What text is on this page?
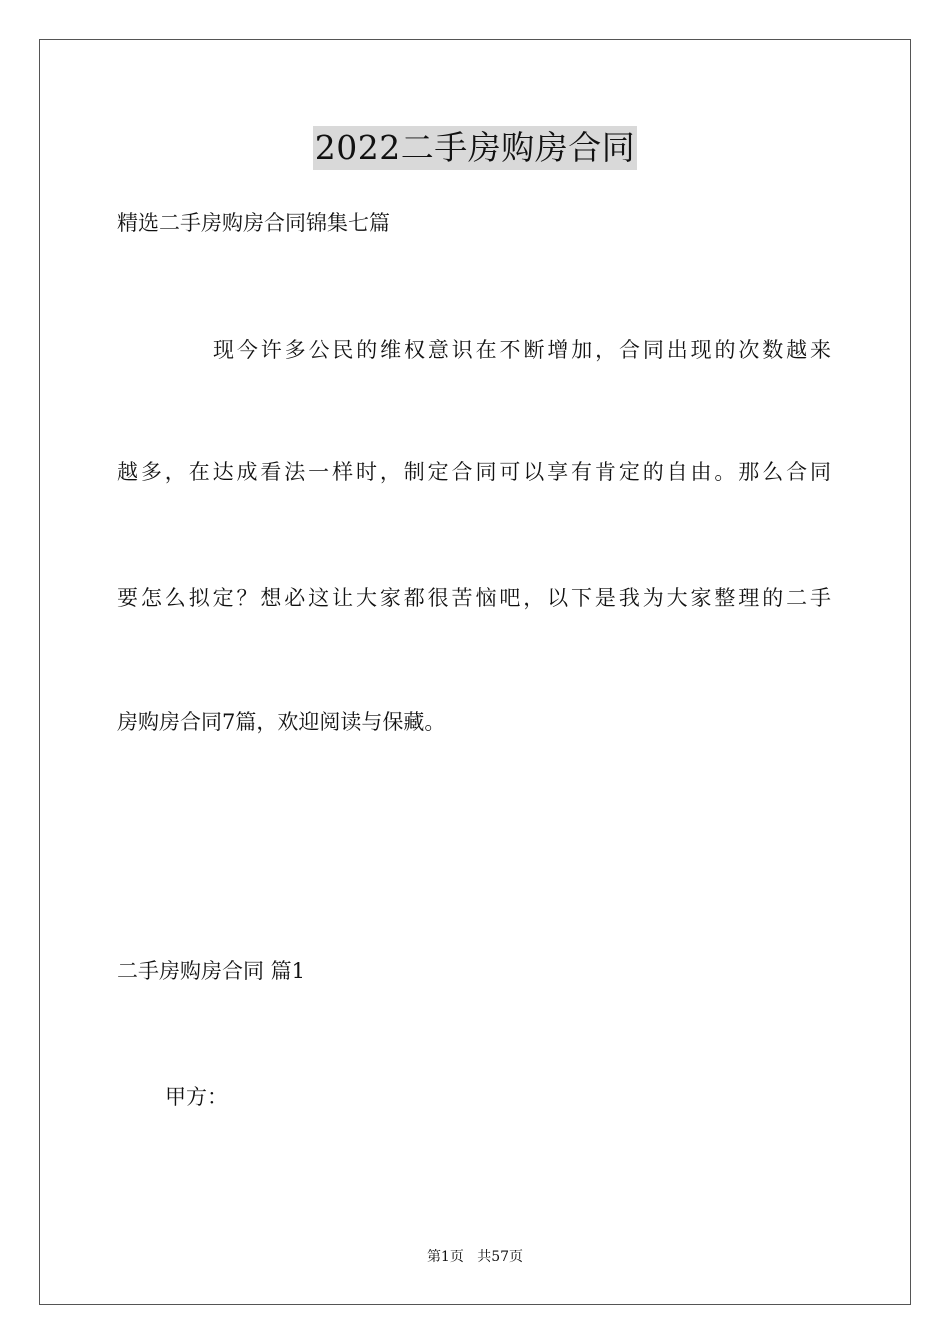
2022二手房购房合同
精选二手房购房合同锦集七篇
现今许多公民的维权意识在不断增加，合同出现的次数越来
越多，在达成看法一样时，制定合同可以享有肯定的自由。那么合同
要怎么拟定？想必这让大家都很苦恼吧，以下是我为大家整理的二手
房购房合同7篇，欢迎阅读与保藏。
二手房购房合同 篇1
甲方：
第1页 共57页
